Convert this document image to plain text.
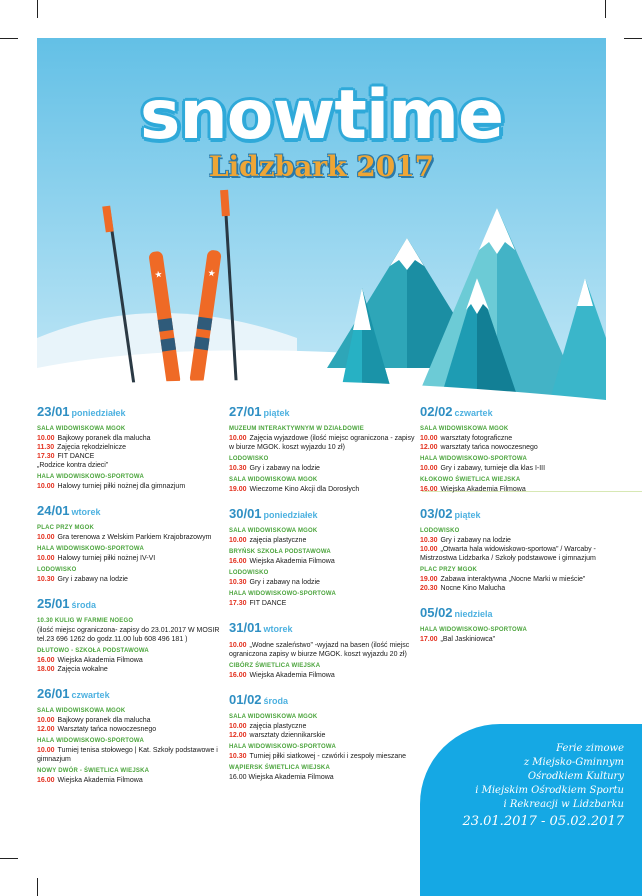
★	★
snowtime
Lidzbark 2017
23/01 poniedziałek
SALA WIDOWISKOWA MGOK
10.00 Bajkowy poranek dla malucha
11.30 Zajęcia rękodzielnicze
17.30 FIT DANCE
„Rodzice kontra dzieci”
HALA WIDOWISKOWO-SPORTOWA
10.00 Halowy turniej piłki nożnej dla gimnazjum
24/01 wtorek
PLAC PRZY MGOK
10.00 Gra terenowa z Welskim Parkiem Krajobrazowym
HALA WIDOWISKOWO-SPORTOWA
10.00 Halowy turniej piłki nożnej IV-VI
LODOWISKO
10.30 Gry i zabawy na lodzie
25/01 środa
10.30 KULIG W FARMIE NOEGO
(ilość miejsc ograniczona- zapisy do 23.01.2017 W MOSIR tel.23 696 1262 do godz.11.00 lub 608 496 181 )
DŁUTOWO - SZKOŁA PODSTAWOWA
16.00 Wiejska Akademia Filmowa
18.00 Zajęcia wokalne
26/01 czwartek
SALA WIDOWISKOWA MGOK
10.00 Bajkowy poranek dla malucha
12.00 Warsztaty tańca nowoczesnego
HALA WIDOWISKOWO-SPORTOWA
10.00 Turniej tenisa stołowego | Kat. Szkoły podstawowe i gimnazjum
NOWY DWÓR - ŚWIETLICA WIEJSKA
16.00 Wiejska Akademia Filmowa
27/01 piątek
MUZEUM INTERAKTYWNYM W DZIAŁDOWIE
10.00 Zajęcia wyjazdowe (ilość miejsc ograniczona - zapisy w biurze MGOK. koszt wyjazdu 10 zł)
LODOWISKO
10.30 Gry i zabawy na lodzie
SALA WIDOWISKOWA MGOK
19.00 Wieczorne Kino Akcji dla Dorosłych
30/01 poniedziałek
SALA WIDOWISKOWA MGOK
10.00 zajęcia plastyczne
BRYŃSK SZKOŁA PODSTAWOWA
16.00 Wiejska Akademia Filmowa
LODOWISKO
10.30 Gry i zabawy na lodzie
HALA WIDOWISKOWO-SPORTOWA
17.30 FIT DANCE
31/01 wtorek
10.00 „Wodne szaleństwo” -wyjazd na basen (ilość miejsc ograniczona zapisy w biurze MGOK. koszt wyjazdu 20 zł)
CIBÓRZ ŚWIETLICA WIEJSKA
16.00 Wiejska Akademia Filmowa
01/02 środa
SALA WIDOWISKOWA MGOK
10.00 zajęcia plastyczne
12.00 warsztaty dziennikarskie
HALA WIDOWISKOWO-SPORTOWA
10.30 Turniej piłki siatkowej - czwórki i zespoły mieszane
WĄPIERSK ŚWIETLICA WIEJSKA
16.00 Wiejska Akademia Filmowa
02/02 czwartek
SALA WIDOWISKOWA MGOK
10.00 warsztaty fotograficzne
12.00 warsztaty tańca nowoczesnego
HALA WIDOWISKOWO-SPORTOWA
10.00 Gry i zabawy, turnieje dla klas I-III
KŁOKOWO ŚWIETLICA WIEJSKA
16.00 Wiejska Akademia Filmowa
03/02 piątek
LODOWISKO
10.30 Gry i zabawy na lodzie
10.00 „Otwarta hala widowiskowo-sportowa” / Warcaby - Mistrzostwa Lidzbarka / Szkoły podstawowe i gimnazjum
PLAC PRZY MGOK
19.00 Zabawa interaktywna „Nocne Marki w mieście”
20.30 Nocne Kino Malucha
05/02 niedziela
HALA WIDOWISKOWO-SPORTOWA
17.00 „Bal Jaskiniowca”
Ferie zimowe
z Miejsko-Gminnym
Ośrodkiem Kultury
i Miejskim Ośrodkiem Sportu
i Rekreacji w Lidzbarku
23.01.2017 - 05.02.2017
